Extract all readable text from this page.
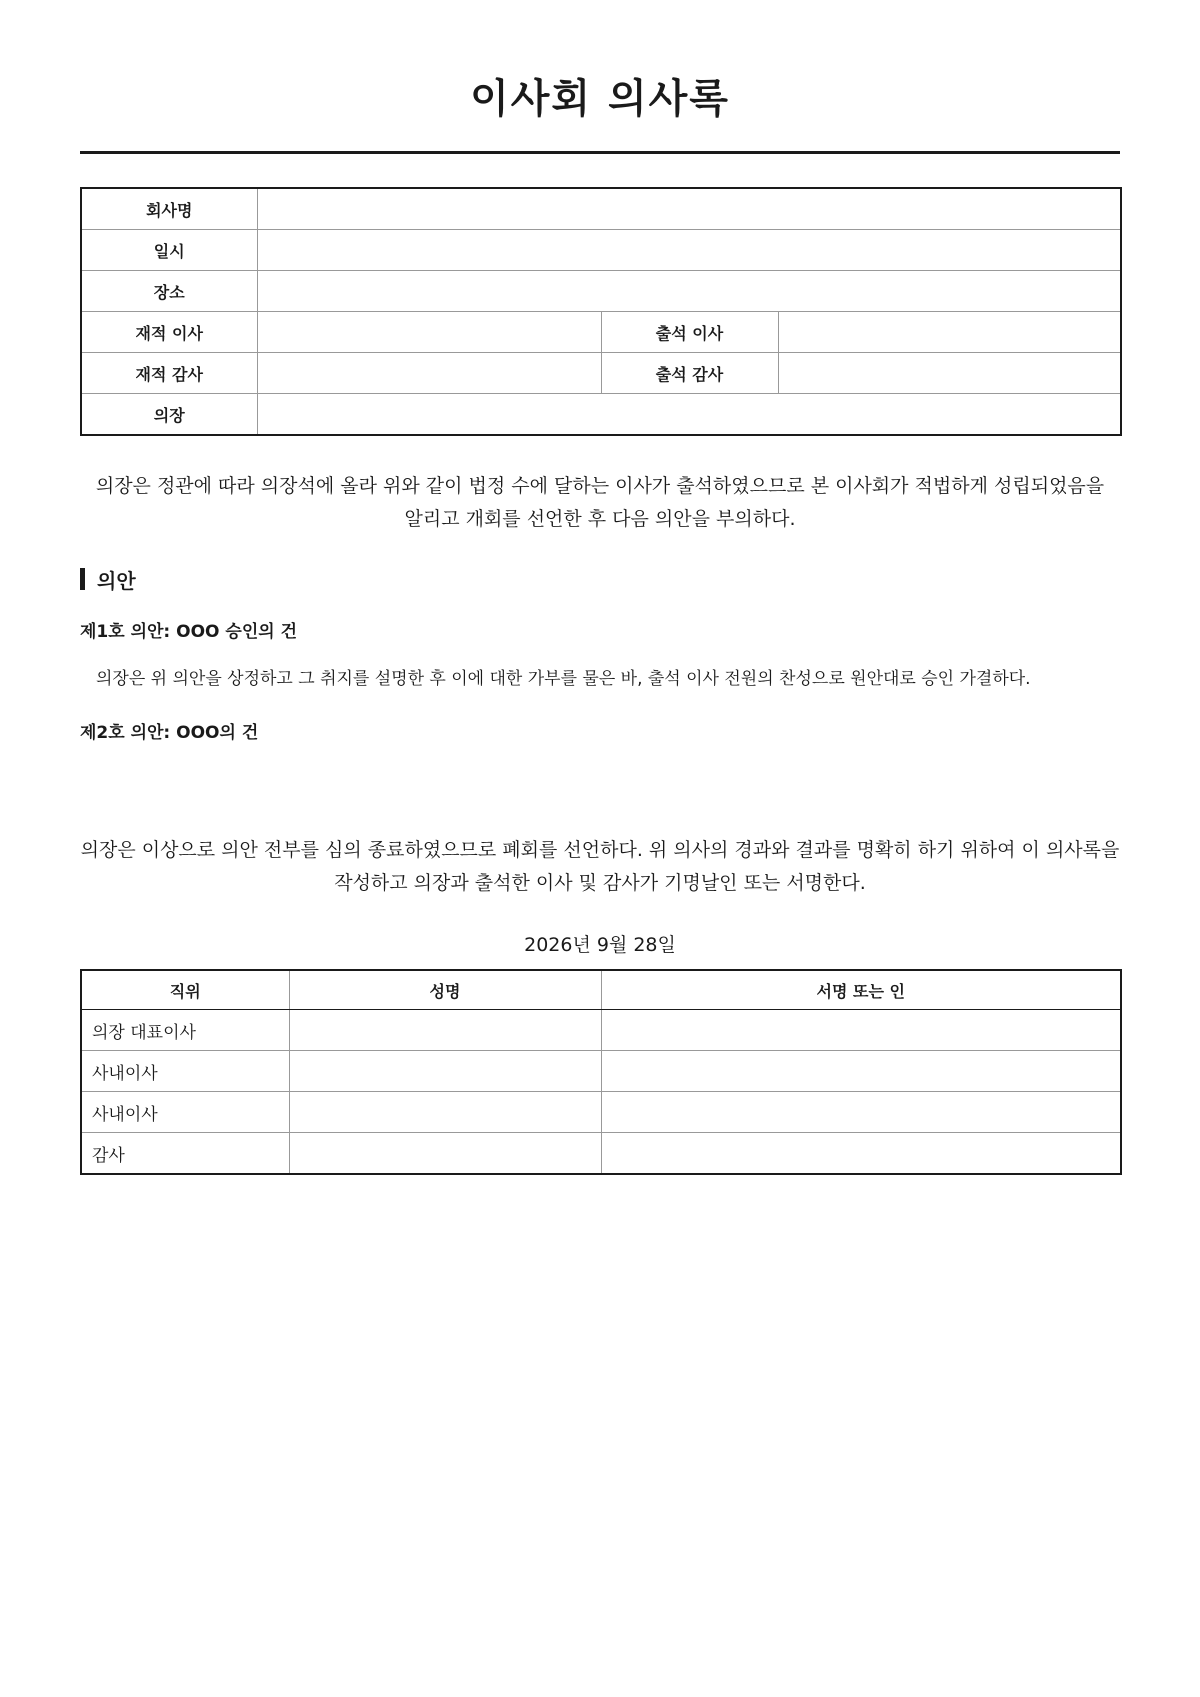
이사회 의사록
회사명			
일시			
장소			
재적 이사		출석 이사	
재적 감사		출석 감사	
의장			
의장은 정관에 따라 의장석에 올라 위와 같이 법정 수에 달하는 이사가 출석하였으므로 본 이사회가 적법하게 성립되었음을
알리고 개회를 선언한 후 다음 의안을 부의하다.
의안
제1호 의안: OOO 승인의 건
의장은 위 의안을 상정하고 그 취지를 설명한 후 이에 대한 가부를 물은 바, 출석 이사 전원의 찬성으로 원안대로 승인 가결하다.
제2호 의안: OOO의 건
의장은 이상으로 의안 전부를 심의 종료하였으므로 폐회를 선언하다. 위 의사의 경과와 결과를 명확히 하기 위하여 이 의사록을
작성하고 의장과 출석한 이사 및 감사가 기명날인 또는 서명한다.
2026년 9월 28일
직위	성명	서명 또는 인
의장 대표이사		
사내이사		
사내이사		
감사		
